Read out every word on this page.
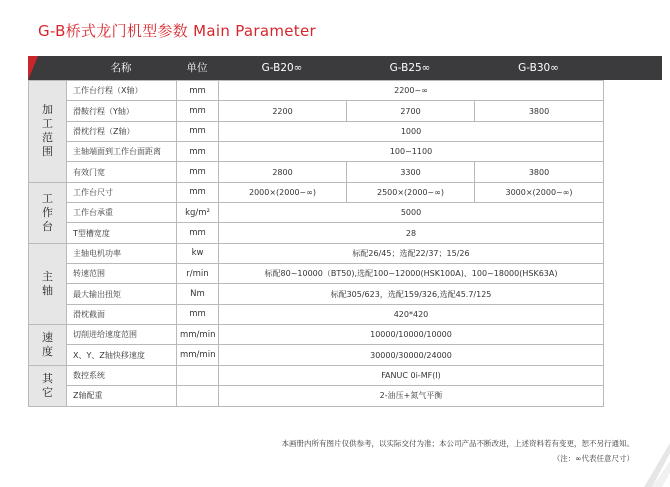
G-B桥式龙门机型参数 Main Parameter
名称	单位	G-B20∞	G-B25∞	G-B30∞
加工范围	工作台行程（X轴）	mm	2200~∞		
	滑鞍行程（Y轴）	mm	2200	2700	3800
	滑枕行程（Z轴）	mm	1000		
	主轴端面到工作台面距离	mm	100~1100		
	有效门宽	mm	2800	3300	3800

工作台	工作台尺寸	mm	2000×(2000~∞)	2500×(2000~∞)	3000×(2000~∞)
	工作台承重	kg/m²	5000		
	T型槽宽度	mm	28		

主轴	主轴电机功率	kw	标配26/45；选配22/37；15/26		
	转速范围	r/min	标配80~10000（BT50),选配100~12000(HSK100A)、100~18000(HSK63A)		
	最大输出扭矩	Nm	标配305/623，选配159/326,选配45.7/125		
	滑枕截面	mm	420*420		

速度	切削进给速度范围	mm/min	10000/10000/10000		
	X、Y、Z轴快移速度	mm/min	30000/30000/24000		

其它	数控系统		FANUC 0i-MF(I)		
	Z轴配重		2-油压+氮气平衡		
本画册内所有图片仅供参考，以实际交付为准；本公司产品不断改进，上述资料若有变更，恕不另行通知。
（注：∞代表任意尺寸）
